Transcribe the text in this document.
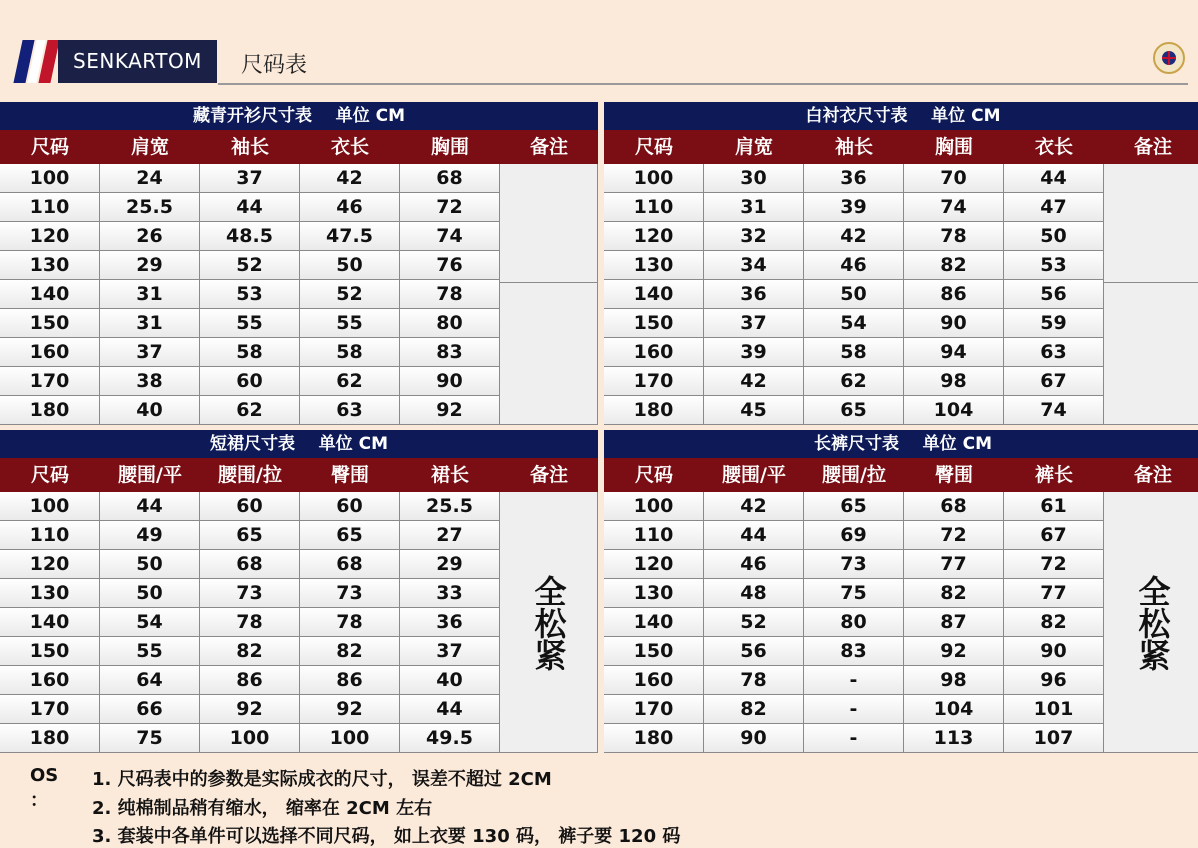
SENKARTOM	尺码表
藏青开衫尺寸表    单位 CM
尺码	肩宽	袖长	衣长	胸围	备注
100	24	37	42	68
110	25.5	44	46	72
120	26	48.5	47.5	74
130	29	52	50	76
140	31	53	52	78
150	31	55	55	80
160	37	58	58	83
170	38	60	62	90
180	40	62	63	92
白衬衣尺寸表    单位 CM
尺码	肩宽	袖长	胸围	衣长	备注
100	30	36	70	44
110	31	39	74	47
120	32	42	78	50
130	34	46	82	53
140	36	50	86	56
150	37	54	90	59
160	39	58	94	63
170	42	62	98	67
180	45	65	104	74
短裙尺寸表    单位 CM
尺码	腰围/平	腰围/拉	臀围	裙长	备注
100	44	60	60	25.5
110	49	65	65	27
120	50	68	68	29
130	50	73	73	33
140	54	78	78	36
150	55	82	82	37
160	64	86	86	40
170	66	92	92	44
180	75	100	100	49.5
全松紧
长裤尺寸表    单位 CM
尺码	腰围/平	腰围/拉	臀围	裤长	备注
100	42	65	68	61
110	44	69	72	67
120	46	73	77	72
130	48	75	82	77
140	52	80	87	82
150	56	83	92	90
160	78	-	98	96
170	82	-	104	101
180	90	-	113	107
全松紧
OS ：
1. 尺码表中的参数是实际成衣的尺寸， 误差不超过 2CM
2. 纯棉制品稍有缩水， 缩率在 2CM 左右
3. 套装中各单件可以选择不同尺码， 如上衣要 130 码， 裤子要 120 码
